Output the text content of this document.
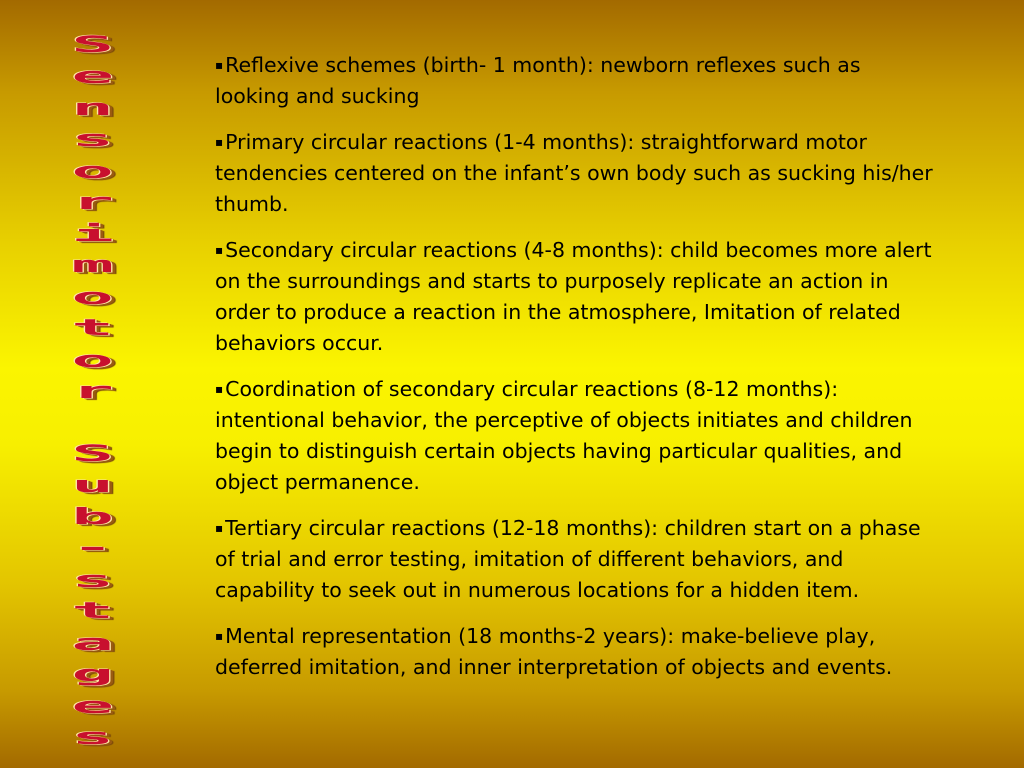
S
e
n
s
o
r
i
m
o
t
o
r
S
u
b
-
s
t
a
g
e
s

▪Reflexive schemes (birth- 1 month): newborn reflexes such as looking and sucking

▪Primary circular reactions (1-4 months): straightforward motor tendencies centered on the infant’s own body such as sucking his/her thumb.

▪Secondary circular reactions (4-8 months): child becomes more alert on the surroundings and starts to purposely replicate an action in order to produce a reaction in the atmosphere, Imitation of related behaviors occur.

▪Coordination of secondary circular reactions (8-12 months): intentional behavior, the perceptive of objects initiates and children begin to distinguish certain objects having particular qualities, and object permanence.

▪Tertiary circular reactions (12-18 months): children start on a phase of trial and error testing, imitation of different behaviors, and capability to seek out in numerous locations for a hidden item.

▪Mental representation (18 months-2 years): make-believe play, deferred imitation, and inner interpretation of objects and events.
